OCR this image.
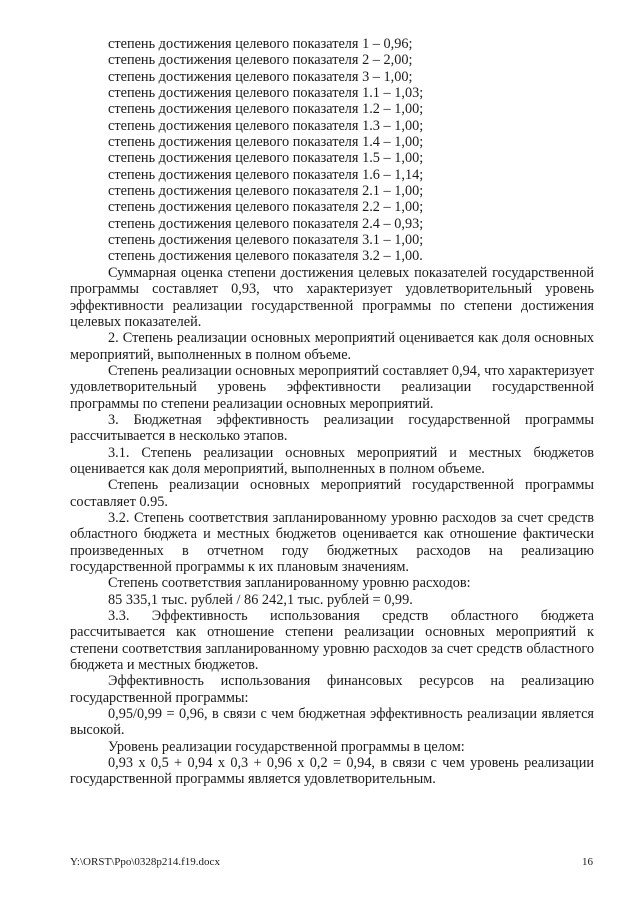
степень достижения целевого показателя 1 – 0,96;
степень достижения целевого показателя 2 – 2,00;
степень достижения целевого показателя 3 – 1,00;
степень достижения целевого показателя 1.1 – 1,03;
степень достижения целевого показателя 1.2 – 1,00;
степень достижения целевого показателя 1.3 – 1,00;
степень достижения целевого показателя 1.4 – 1,00;
степень достижения целевого показателя 1.5 – 1,00;
степень достижения целевого показателя 1.6 – 1,14;
степень достижения целевого показателя 2.1 – 1,00;
степень достижения целевого показателя 2.2 – 1,00;
степень достижения целевого показателя 2.4 – 0,93;
степень достижения целевого показателя 3.1 – 1,00;
степень достижения целевого показателя 3.2 – 1,00.

Суммарная оценка степени достижения целевых показателей государственной программы составляет 0,93, что характеризует удовлетворительный уровень эффективности реализации государственной программы по степени достижения целевых показателей.

2. Степень реализации основных мероприятий оценивается как доля основных мероприятий, выполненных в полном объеме.

Степень реализации основных мероприятий составляет 0,94, что характеризует удовлетворительный уровень эффективности реализации государственной программы по степени реализации основных мероприятий.

3. Бюджетная эффективность реализации государственной программы рассчитывается в несколько этапов.

3.1. Степень реализации основных мероприятий и местных бюджетов оценивается как доля мероприятий, выполненных в полном объеме.

Степень реализации основных мероприятий государственной программы составляет 0.95.

3.2. Степень соответствия запланированному уровню расходов за счет средств областного бюджета и местных бюджетов оценивается как отношение фактически произведенных в отчетном году бюджетных расходов на реализацию государственной программы к их плановым значениям.

Степень соответствия запланированному уровню расходов:
85 335,1 тыс. рублей / 86 242,1 тыс. рублей = 0,99.

3.3. Эффективность использования средств областного бюджета рассчитывается как отношение степени реализации основных мероприятий к степени соответствия запланированному уровню расходов за счет средств областного бюджета и местных бюджетов.

Эффективность использования финансовых ресурсов на реализацию государственной программы:

0,95/0,99 = 0,96, в связи с чем бюджетная эффективность реализации является высокой.

Уровень реализации государственной программы в целом:

0,93 х 0,5 + 0,94 х 0,3 + 0,96 х 0,2 = 0,94, в связи с чем уровень реализации государственной программы является удовлетворительным.

Y:\ORST\Ppo\0328p214.f19.docx	16
